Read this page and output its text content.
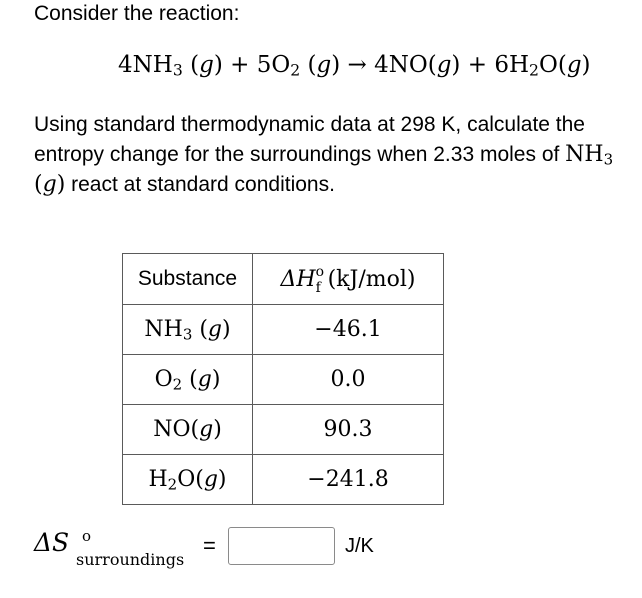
Consider the reaction:
$4NH_3$ $(g) + 5O_2$ $(g) \to 4NO(g) + 6H_2O(g)$
Using standard thermodynamic data at 298 K, calculate the entropy change for the surroundings when 2.33 moles of $NH_3$ (g) react at standard conditions.
Substance	ΔH o
f (kJ/mol)
$NH_3$ (g)	−46.1
$O_2$ (g)	0.0
NO(g)	90.3
$H_2O(g)$	−241.8
ΔS o
surroundings
=	J/K
